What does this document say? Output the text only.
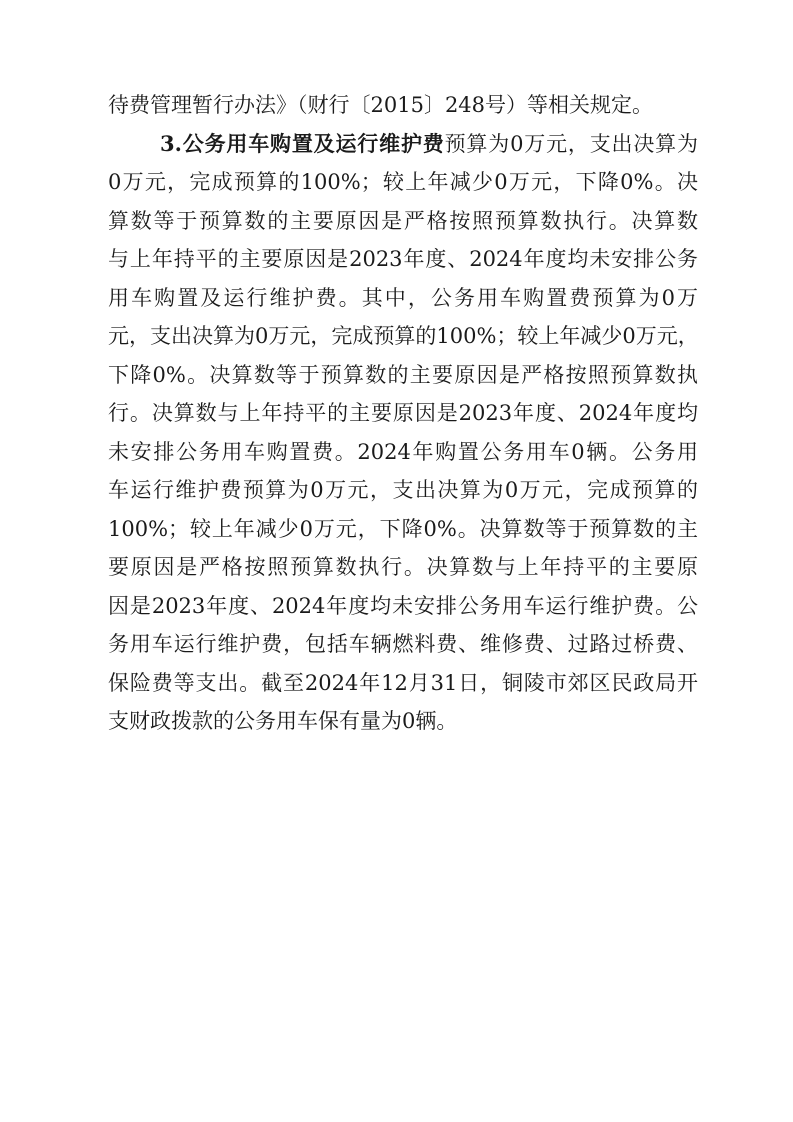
待费管理暂行办法》（财行〔2015〕248号）等相关规定。
3.公务用车购置及运行维护费预算为0万元，支出决算为
0万元，完成预算的100%；较上年减少0万元，下降0%。决
算数等于预算数的主要原因是严格按照预算数执行。决算数
与上年持平的主要原因是2023年度、2024年度均未安排公务
用车购置及运行维护费。其中，公务用车购置费预算为0万
元，支出决算为0万元，完成预算的100%；较上年减少0万元，
下降0%。决算数等于预算数的主要原因是严格按照预算数执
行。决算数与上年持平的主要原因是2023年度、2024年度均
未安排公务用车购置费。2024年购置公务用车0辆。公务用
车运行维护费预算为0万元，支出决算为0万元，完成预算的
100%；较上年减少0万元，下降0%。决算数等于预算数的主
要原因是严格按照预算数执行。决算数与上年持平的主要原
因是2023年度、2024年度均未安排公务用车运行维护费。公
务用车运行维护费，包括车辆燃料费、维修费、过路过桥费、
保险费等支出。截至2024年12月31日，铜陵市郊区民政局开
支财政拨款的公务用车保有量为0辆。
